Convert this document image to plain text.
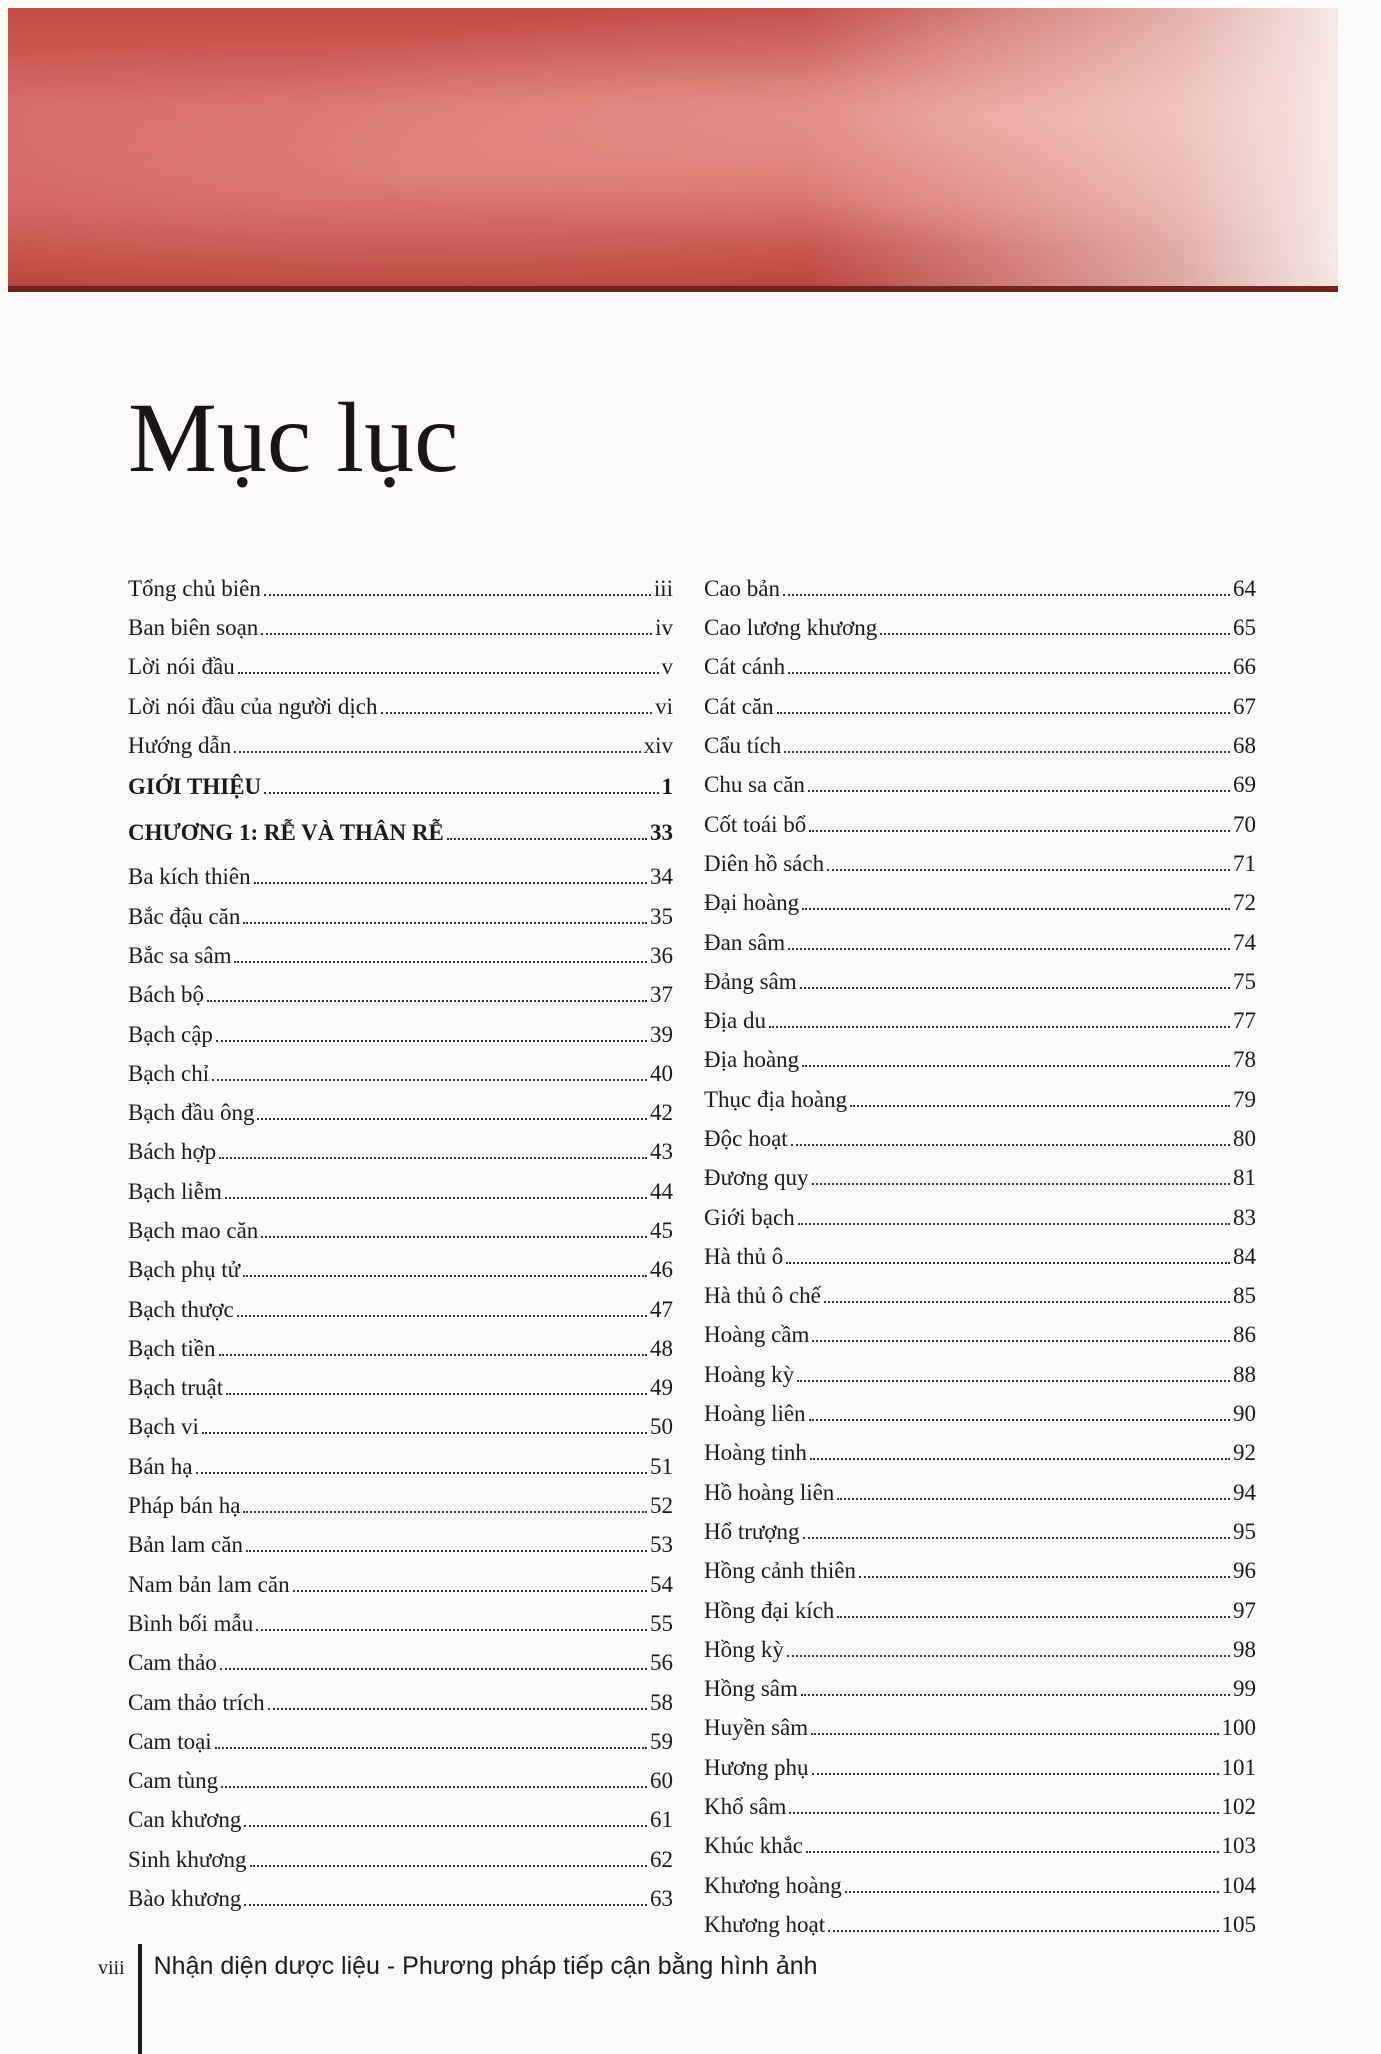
Mục lục
Tổng chủ biên	iii
Ban biên soạn	iv
Lời nói đầu	v
Lời nói đầu của người dịch	vi
Hướng dẫn	xiv
GIỚI THIỆU	1
CHƯƠNG 1: RỄ VÀ THÂN RỄ	33
Ba kích thiên	34
Bắc đậu căn	35
Bắc sa sâm	36
Bách bộ	37
Bạch cập	39
Bạch chỉ	40
Bạch đầu ông	42
Bách hợp	43
Bạch liễm	44
Bạch mao căn	45
Bạch phụ tử	46
Bạch thược	47
Bạch tiền	48
Bạch truật	49
Bạch vi	50
Bán hạ	51
Pháp bán hạ	52
Bản lam căn	53
Nam bản lam căn	54
Bình bối mẫu	55
Cam thảo	56
Cam thảo trích	58
Cam toại	59
Cam tùng	60
Can khương	61
Sinh khương	62
Bào khương	63
Cao bản	64
Cao lương khương	65
Cát cánh	66
Cát căn	67
Cẩu tích	68
Chu sa căn	69
Cốt toái bổ	70
Diên hồ sách	71
Đại hoàng	72
Đan sâm	74
Đảng sâm	75
Địa du	77
Địa hoàng	78
Thục địa hoàng	79
Độc hoạt	80
Đương quy	81
Giới bạch	83
Hà thủ ô	84
Hà thủ ô chế	85
Hoàng cầm	86
Hoàng kỳ	88
Hoàng liên	90
Hoàng tinh	92
Hồ hoàng liên	94
Hổ trượng	95
Hồng cảnh thiên	96
Hồng đại kích	97
Hồng kỳ	98
Hồng sâm	99
Huyền sâm	100
Hương phụ	101
Khổ sâm	102
Khúc khắc	103
Khương hoàng	104
Khương hoạt	105
viii Nhận diện dược liệu - Phương pháp tiếp cận bằng hình ảnh
